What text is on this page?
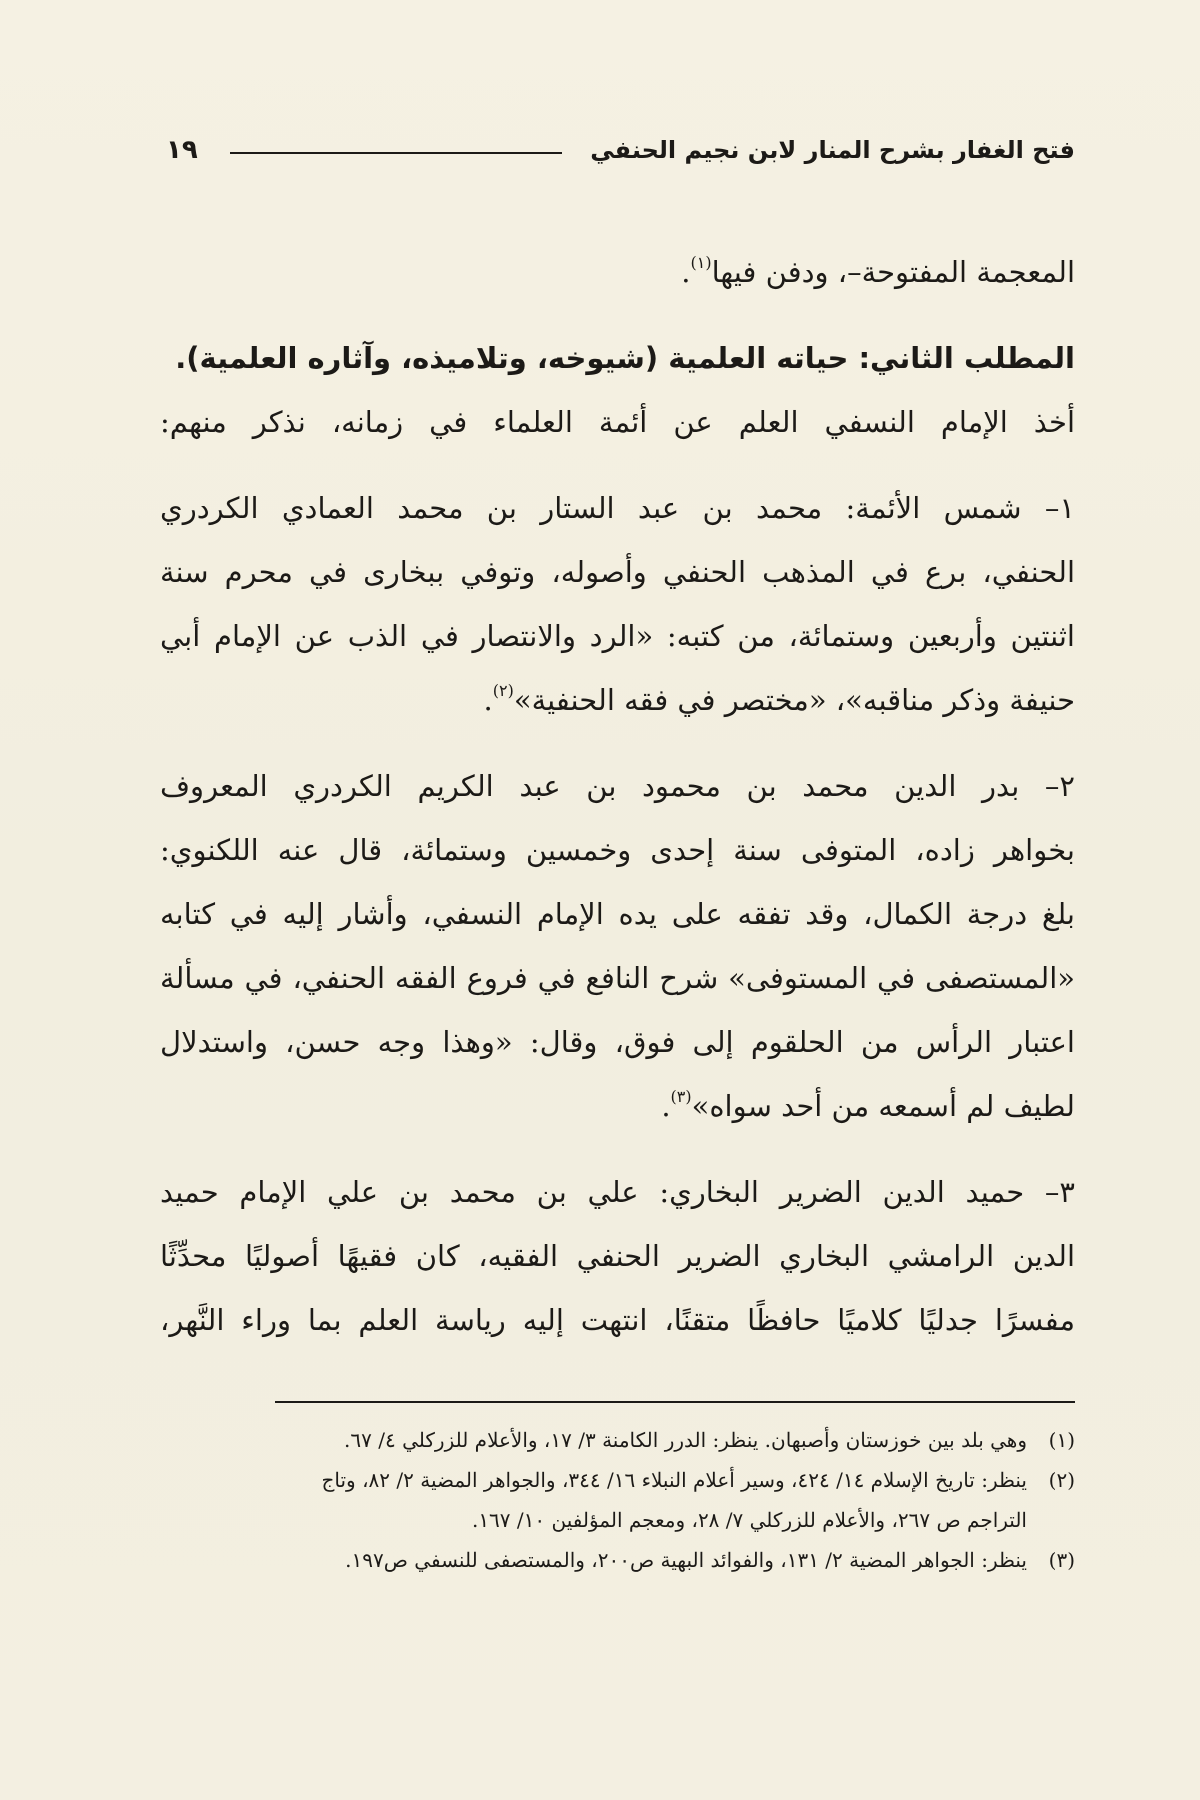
فتح الغفار بشرح المنار لابن نجيم الحنفي
١٩
المعجمة المفتوحة–، ودفن فيها$^{(١)}$.
المطلب الثاني: حياته العلمية (شيوخه، وتلاميذه، وآثاره العلمية).
أخذ الإمام النسفي العلم عن أئمة العلماء في زمانه، نذكر منهم:
١– شمس الأئمة: محمد بن عبد الستار بن محمد العمادي الكردري
الحنفي، برع في المذهب الحنفي وأصوله، وتوفي ببخارى في محرم سنة
اثنتين وأربعين وستمائة، من كتبه: «الرد والانتصار في الذب عن الإمام أبي
حنيفة وذكر مناقبه»، «مختصر في فقه الحنفية»$^{(٢)}$.
٢– بدر الدين محمد بن محمود بن عبد الكريم الكردري المعروف
بخواهر زاده، المتوفى سنة إحدى وخمسين وستمائة، قال عنه اللكنوي:
بلغ درجة الكمال، وقد تفقه على يده الإمام النسفي، وأشار إليه في كتابه
«المستصفى في المستوفى» شرح النافع في فروع الفقه الحنفي، في مسألة
اعتبار الرأس من الحلقوم إلى فوق، وقال: «وهذا وجه حسن، واستدلال
لطيف لم أسمعه من أحد سواه»$^{(٣)}$.
٣– حميد الدين الضرير البخاري: علي بن محمد بن علي الإمام حميد
الدين الرامشي البخاري الضرير الحنفي الفقيه، كان فقيهًا أصوليًا محدِّثًا
مفسرًا جدليًا كلاميًا حافظًا متقنًا، انتهت إليه رياسة العلم بما وراء النَّهر،
(١)
وهي بلد بين خوزستان وأصبهان. ينظر: الدرر الكامنة ٣/ ١٧، والأعلام للزركلي ٤/ ٦٧.
(٢)
ينظر: تاريخ الإسلام ١٤/ ٤٢٤، وسير أعلام النبلاء ١٦/ ٣٤٤، والجواهر المضية ٢/ ٨٢، وتاج
التراجم ص ٢٦٧، والأعلام للزركلي ٧/ ٢٨، ومعجم المؤلفين ١٠/ ١٦٧.
(٣)
ينظر: الجواهر المضية ٢/ ١٣١، والفوائد البهية ص٢٠٠، والمستصفى للنسفي ص١٩٧.
